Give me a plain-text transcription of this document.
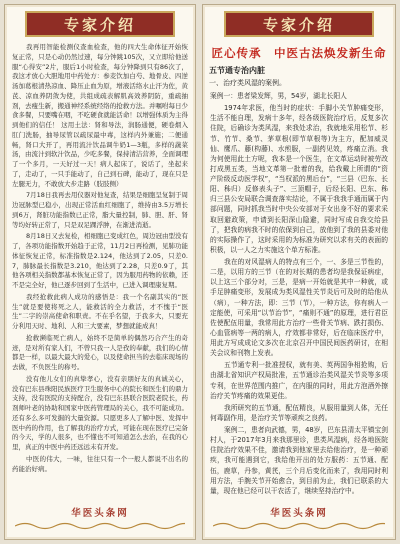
专家介绍

我再用智能检测仪查血检查，他的四大生命体征开始恢复正常，只是心动仍然过速，每分钟跳105次，又立即给他送服“心得安”2片，服后1小时检查，每分钟降到只有86次了，我这才放心大胆地用中药处方：参麦饮加白芍、地骨皮、四逆汤加葛根清热凉血、降压止血为原，增液活络水止汗为佐，黄芪、凉血养阴敛为使，共组成疏表解肌高效养阴防，重疏抽剂，去瘦生新，搬通神经系统经络的抢救方法。并嘱咐每日少食多餐，只要嘴在咽，不吃硬食就能活命！以增强体质为主得到他们的信任！ 这用土法：肾和导法，润肠通便，硬卷烟入肛门洗肠，抽导尿管以疏尿最中毒，这样内外兼施；二便通畅，肾口大开了，再用流汁饮品调牛奶1—3瓶，多样的蔬菜汤，由流汁到软汁饮品，少吃多餐，保持清洁营养，全面调理了一个多月，一天好过一天！病人起床了，说话了，坐起来了，走动了，一只手能动了，自己到石碑，能动了，现在只是左腿无力，不敢放大步走路（肢肢侧）

7月18日我再去用仪器对他复查，结果是细胞呈复制于周边冠脉型已稳小，出现正常活血红细胞了，维持由3.5万增长到6万，肾脏功能指数已正常，脂大量控制，肺、胆、肝、肾等均好转正常了，只是双足踝浮肿，在渐进消逝。

8月18日又去复检，相细胞已变成红色，周边冠由型没有了，各项功能指数开始趋于正常，11月2日再检测，见肺功能体征恢复正常，标准指数是2.124，他达到了2.05，只差0.7，肺脉最长指数是3.210，他达到了2.28，只差0.9了，其他各项相关指数都基本恢复正常了，因为服用药物的依赖，还不是完全好，他已逐步回到了生活中，已进入调理康复期。

我经抢救此病人成功的感悟是：我一个名副其实的“医生”就是要使将死之人，能救活的全力救活，才不愧于“医生”二字的崇高使命和职责。不在乎名望，于我多大，只要充分利用天时、地利、人和三大要素，梦想就能成真！

抢救濒临死亡病人，始终不是简单的偶然巧合产生的奇迹，是对所有家人们，不曾只我一人是孜的奉献，我们的心情都是一样，以最大最大的爱心，以及使命担当的去临床现场的去做，不负医生的称号。

没有他儿女们的真挚孝心，没有亲朋好友的真诚关心，没有巴东县珠阳民族医疗卫生服务中心的院长和医生们的鼎力支持，没有医院的支持配合，没有巴东县联合医院老院长，药剂师叶老的协助和国家中医药管理局的关心，我不可能成功。还有多么多可发掘的大量资源。只愿更多人了解中医、发挥中医中药的作用，也了解我的治疗方式，可能在现在医疗已完备的今天，学的人很多，也不懂也不可知道怎么去治，在我的心里，真正的中医中药还远远未有开发。

中医的伟大，一味，往往只有一个一般人都说不出名的药能治好病。

华医头条网
专家介绍
匠心传承　中医古法焕发新生命
五节通专治内脏
一、治疗类风湿的案例。

案例一：患者梁发辉，男，54岁，湖北长阳人

1974年求医，他当时的症状：手脚小关节肿痛变形，生活不能自理，发病十多年，经各级医院治疗后，反复多次住院，后确诊为类风湿，来我处求治，我就地采用松节、杉节、竹节、桑节、茅草根(即节草根等)为主方，配加威灵仙、鹰爪、藤(构藤)、水煎服，一副药见效，疼痛立消。我为何使用此土方呢，我本是一个医生，在文革运动时被劳改打成黑五类，当地文革第一批着的我，给我戴上所谓的“资产阶级反动医学权”，“当权派的黑后台”，“三县（巴东、长阳、秭归）反修表头子”、三顶帽子，后经长阳、巴东、秭归三县公安局联合调查落实结论，不属于我我手通而属于内部问题，同时抓我当时中央公安部对于女出身不好的要求采取回避政策，申请到长阳深山隐避，同时写成自我交给县了，把我的病我不时的依保到自己，放他到了我的县委对他的实际操作了，这时采用的为标准为研究以求有关的表面的积极，以一人之力实施这个单方标准。

我在的对风湿病人的特点有三个，一、多是三节性的，二是，以用方的三节（在的对长期的患者均是我保证病症，以上这三个部分对，三是，是病一开始就是其中一种就，或手足肿痛变形，发展成为类风湿性关节炎后可及时的给他从（病），一种方法，即：三节（节），一种方法，你有病人一定能使，可采用“以节治节”，“痛则不通”的原理，进行君臣佐使配伍用量，我常用此方治疗一些骨关节病、跌打损伤、心血管病等一两的病人，疗效都非常好，后在临床医疗中，用此方写成成论文多次在北京召开中国民间医药研讨，在相关会议和刊物上发表。

五节通专利一批准授权，就有美、英两国争相抢购，后由湖北省知识产权局批准，五节通诊治类风湿关节炎等多项专利，在世界范围内推广，在内服的同时，用此方泡酒外擦治疗关节疼痛的效果更佳。

我所研究的五节通，配伍精良，从服用量到人体，无任何毒副作用，是治疗关节等顽疾之良药。

案例二，患者向武德，男，48岁，巴东县清太平镇宝剑村人，于2017年3月来我那里诊，患类风湿病，经各地医院住院治疗效果不佳，邀请我到他家里去给他治疗，是一种顽疾，我可能遇到它，我给他开出的处方服药：五节通、配伍，鹿草，丹参，黄芪，三个月后变化而来了，我用同时利用方法，手腕关节开始愈合，到目前为止，我们已联系的大量，现在他已经可以干农活了，继续坚持治疗中。

华医头条网
